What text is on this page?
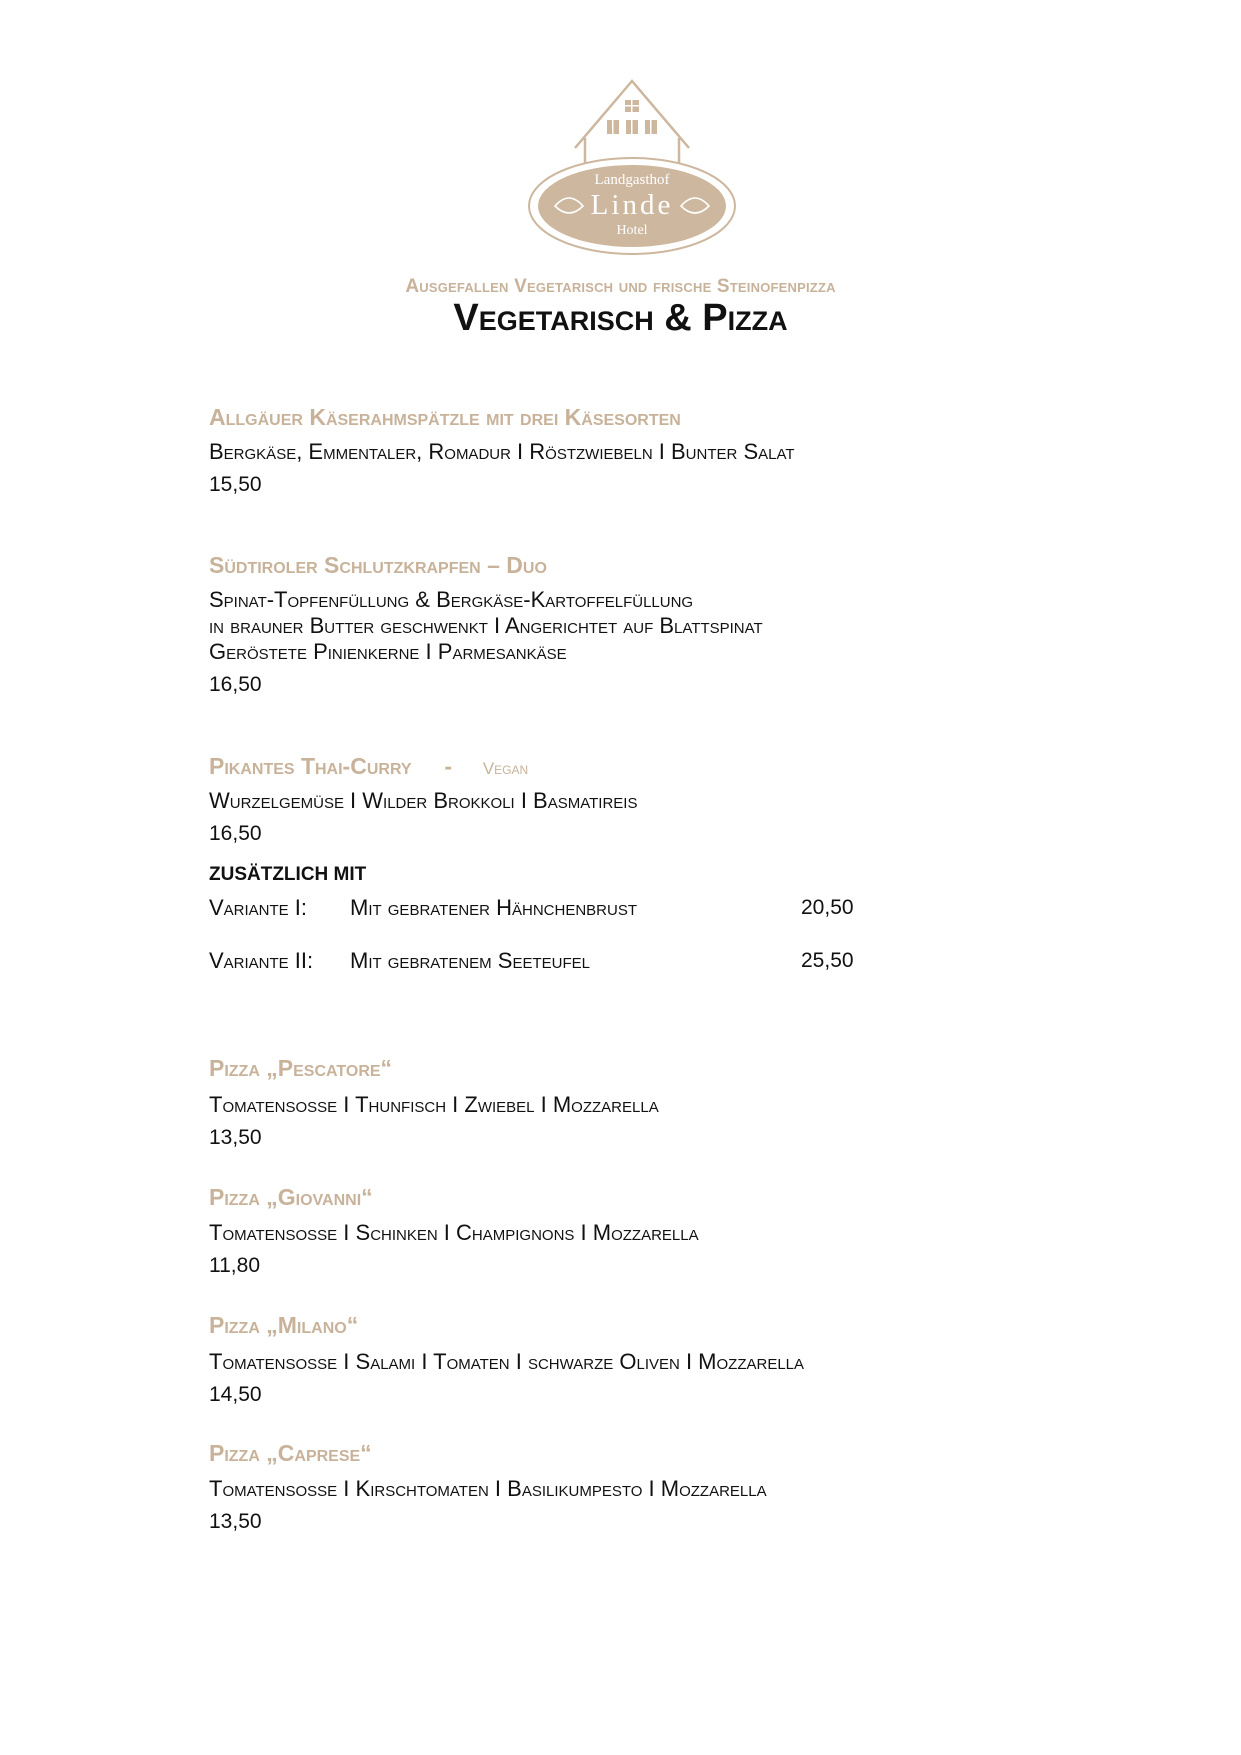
Landgasthof
Linde
Hotel
Ausgefallen Vegetarisch und frische Steinofenpizza
Vegetarisch & Pizza
Allgäuer Käserahmspätzle mit drei Käsesorten
Bergkäse, Emmentaler, Romadur I Röstzwiebeln I Bunter Salat
15,50
Südtiroler Schlutzkrapfen – Duo
Spinat-Topfenfüllung & Bergkäse-Kartoffelfüllung
in brauner Butter geschwenkt I Angerichtet auf Blattspinat
Geröstete Pinienkerne I Parmesankäse
16,50
Pikantes Thai-Curry - Vegan
Wurzelgemüse I Wilder Brokkoli I Basmatireis
16,50
ZUSÄTZLICH MIT
Variante I: Mit gebratener Hähnchenbrust	20,50
Variante II: Mit gebratenem Seeteufel	25,50
Pizza „Pescatore“
Tomatensoße I Thunfisch I Zwiebel I Mozzarella
13,50
Pizza „Giovanni“
Tomatensoße I Schinken I Champignons I Mozzarella
11,80
Pizza „Milano“
Tomatensoße I Salami I Tomaten I schwarze Oliven I Mozzarella
14,50
Pizza „Caprese“
Tomatensoße I Kirschtomaten I Basilikumpesto I Mozzarella
13,50
